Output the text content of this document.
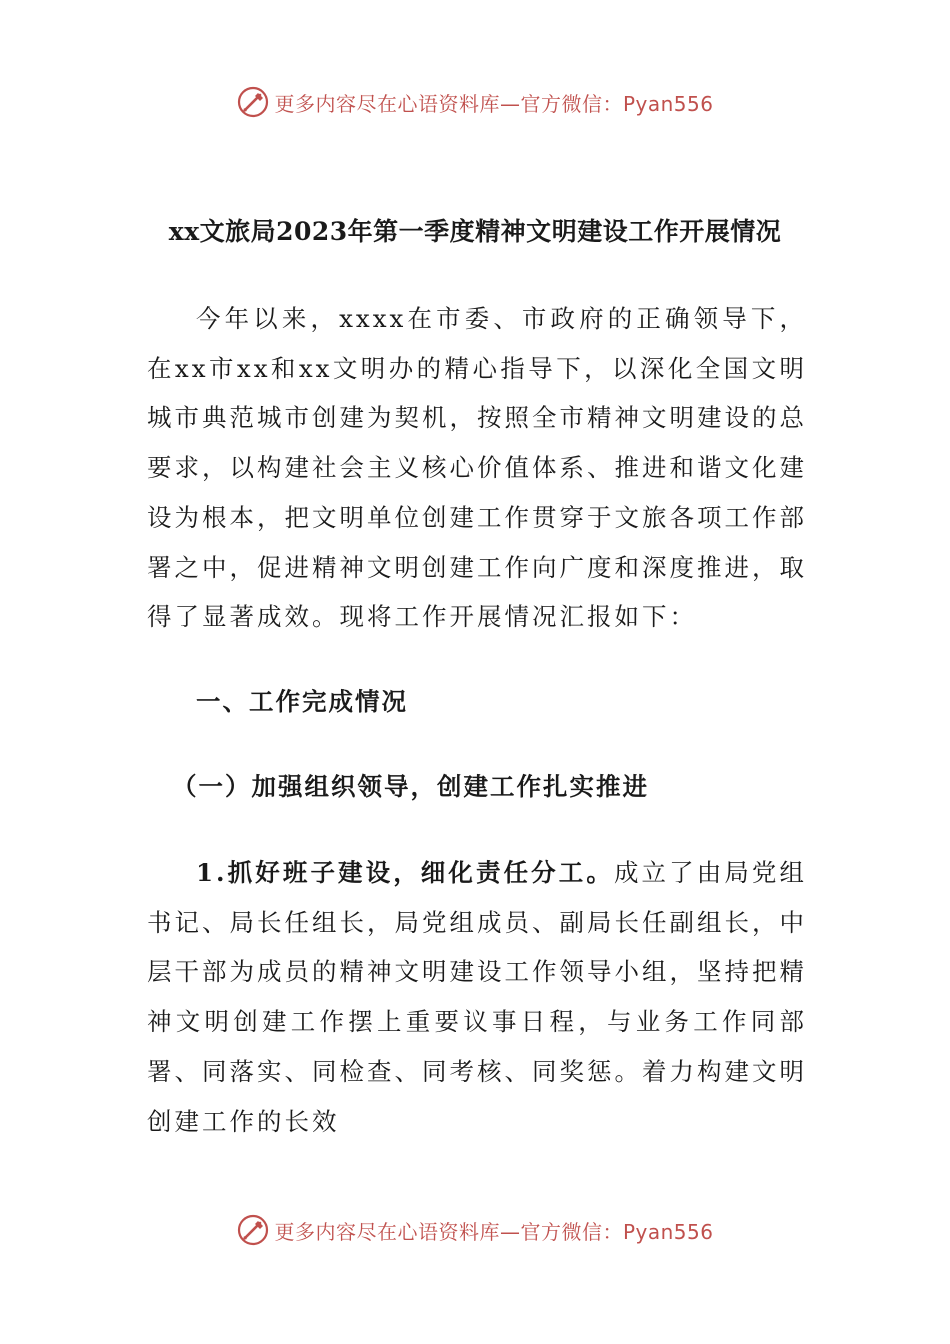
更多内容尽在心语资料库—官方微信：Pyan556
xx文旅局2023年第一季度精神文明建设工作开展情况

今年以来，xxxx在市委、市政府的正确领导下，在xx市xx和xx文明办的精心指导下，以深化全国文明城市典范城市创建为契机，按照全市精神文明建设的总要求，以构建社会主义核心价值体系、推进和谐文化建设为根本，把文明单位创建工作贯穿于文旅各项工作部署之中，促进精神文明创建工作向广度和深度推进，取得了显著成效。现将工作开展情况汇报如下：

一、工作完成情况

（一）加强组织领导，创建工作扎实推进

1.抓好班子建设，细化责任分工。成立了由局党组书记、局长任组长，局党组成员、副局长任副组长，中层干部为成员的精神文明建设工作领导小组，坚持把精神文明创建工作摆上重要议事日程，与业务工作同部署、同落实、同检查、同考核、同奖惩。着力构建文明创建工作的长效

更多内容尽在心语资料库—官方微信：Pyan556
